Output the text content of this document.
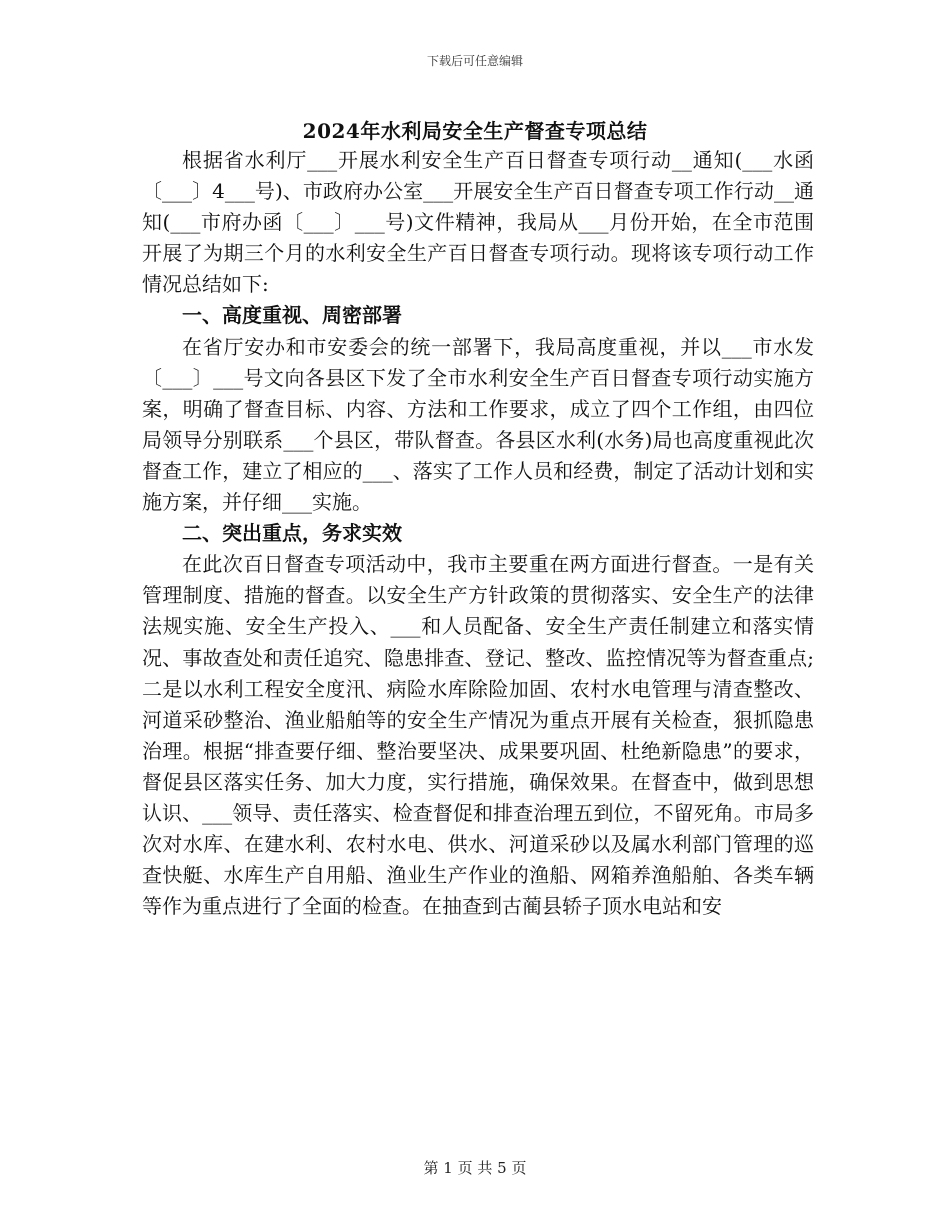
下载后可任意编辑
2024年水利局安全生产督查专项总结

根据省水利厅___开展水利安全生产百日督查专项行动__通知(___水函〔___〕4___号)、市政府办公室___开展安全生产百日督查专项工作行动__通知(___市府办函〔___〕___号)文件精神，我局从___月份开始，在全市范围开展了为期三个月的水利安全生产百日督查专项行动。现将该专项行动工作情况总结如下:

一、高度重视、周密部署

在省厅安办和市安委会的统一部署下，我局高度重视，并以___市水发〔___〕___号文向各县区下发了全市水利安全生产百日督查专项行动实施方案，明确了督查目标、内容、方法和工作要求，成立了四个工作组，由四位局领导分别联系___个县区，带队督查。各县区水利(水务)局也高度重视此次督查工作，建立了相应的___、落实了工作人员和经费，制定了活动计划和实施方案，并仔细___实施。

二、突出重点，务求实效

在此次百日督查专项活动中，我市主要重在两方面进行督查。一是有关管理制度、措施的督查。以安全生产方针政策的贯彻落实、安全生产的法律法规实施、安全生产投入、___和人员配备、安全生产责任制建立和落实情况、事故查处和责任追究、隐患排查、登记、整改、监控情况等为督查重点;二是以水利工程安全度汛、病险水库除险加固、农村水电管理与清查整改、河道采砂整治、渔业船舶等的安全生产情况为重点开展有关检查，狠抓隐患治理。根据“排查要仔细、整治要坚决、成果要巩固、杜绝新隐患”的要求，督促县区落实任务、加大力度，实行措施，确保效果。在督查中，做到思想认识、___领导、责任落实、检查督促和排查治理五到位，不留死角。市局多次对水库、在建水利、农村水电、供水、河道采砂以及属水利部门管理的巡查快艇、水库生产自用船、渔业生产作业的渔船、网箱养渔船舶、各类车辆等作为重点进行了全面的检查。在抽查到古蔺县轿子顶水电站和安

第 1 页 共 5 页
